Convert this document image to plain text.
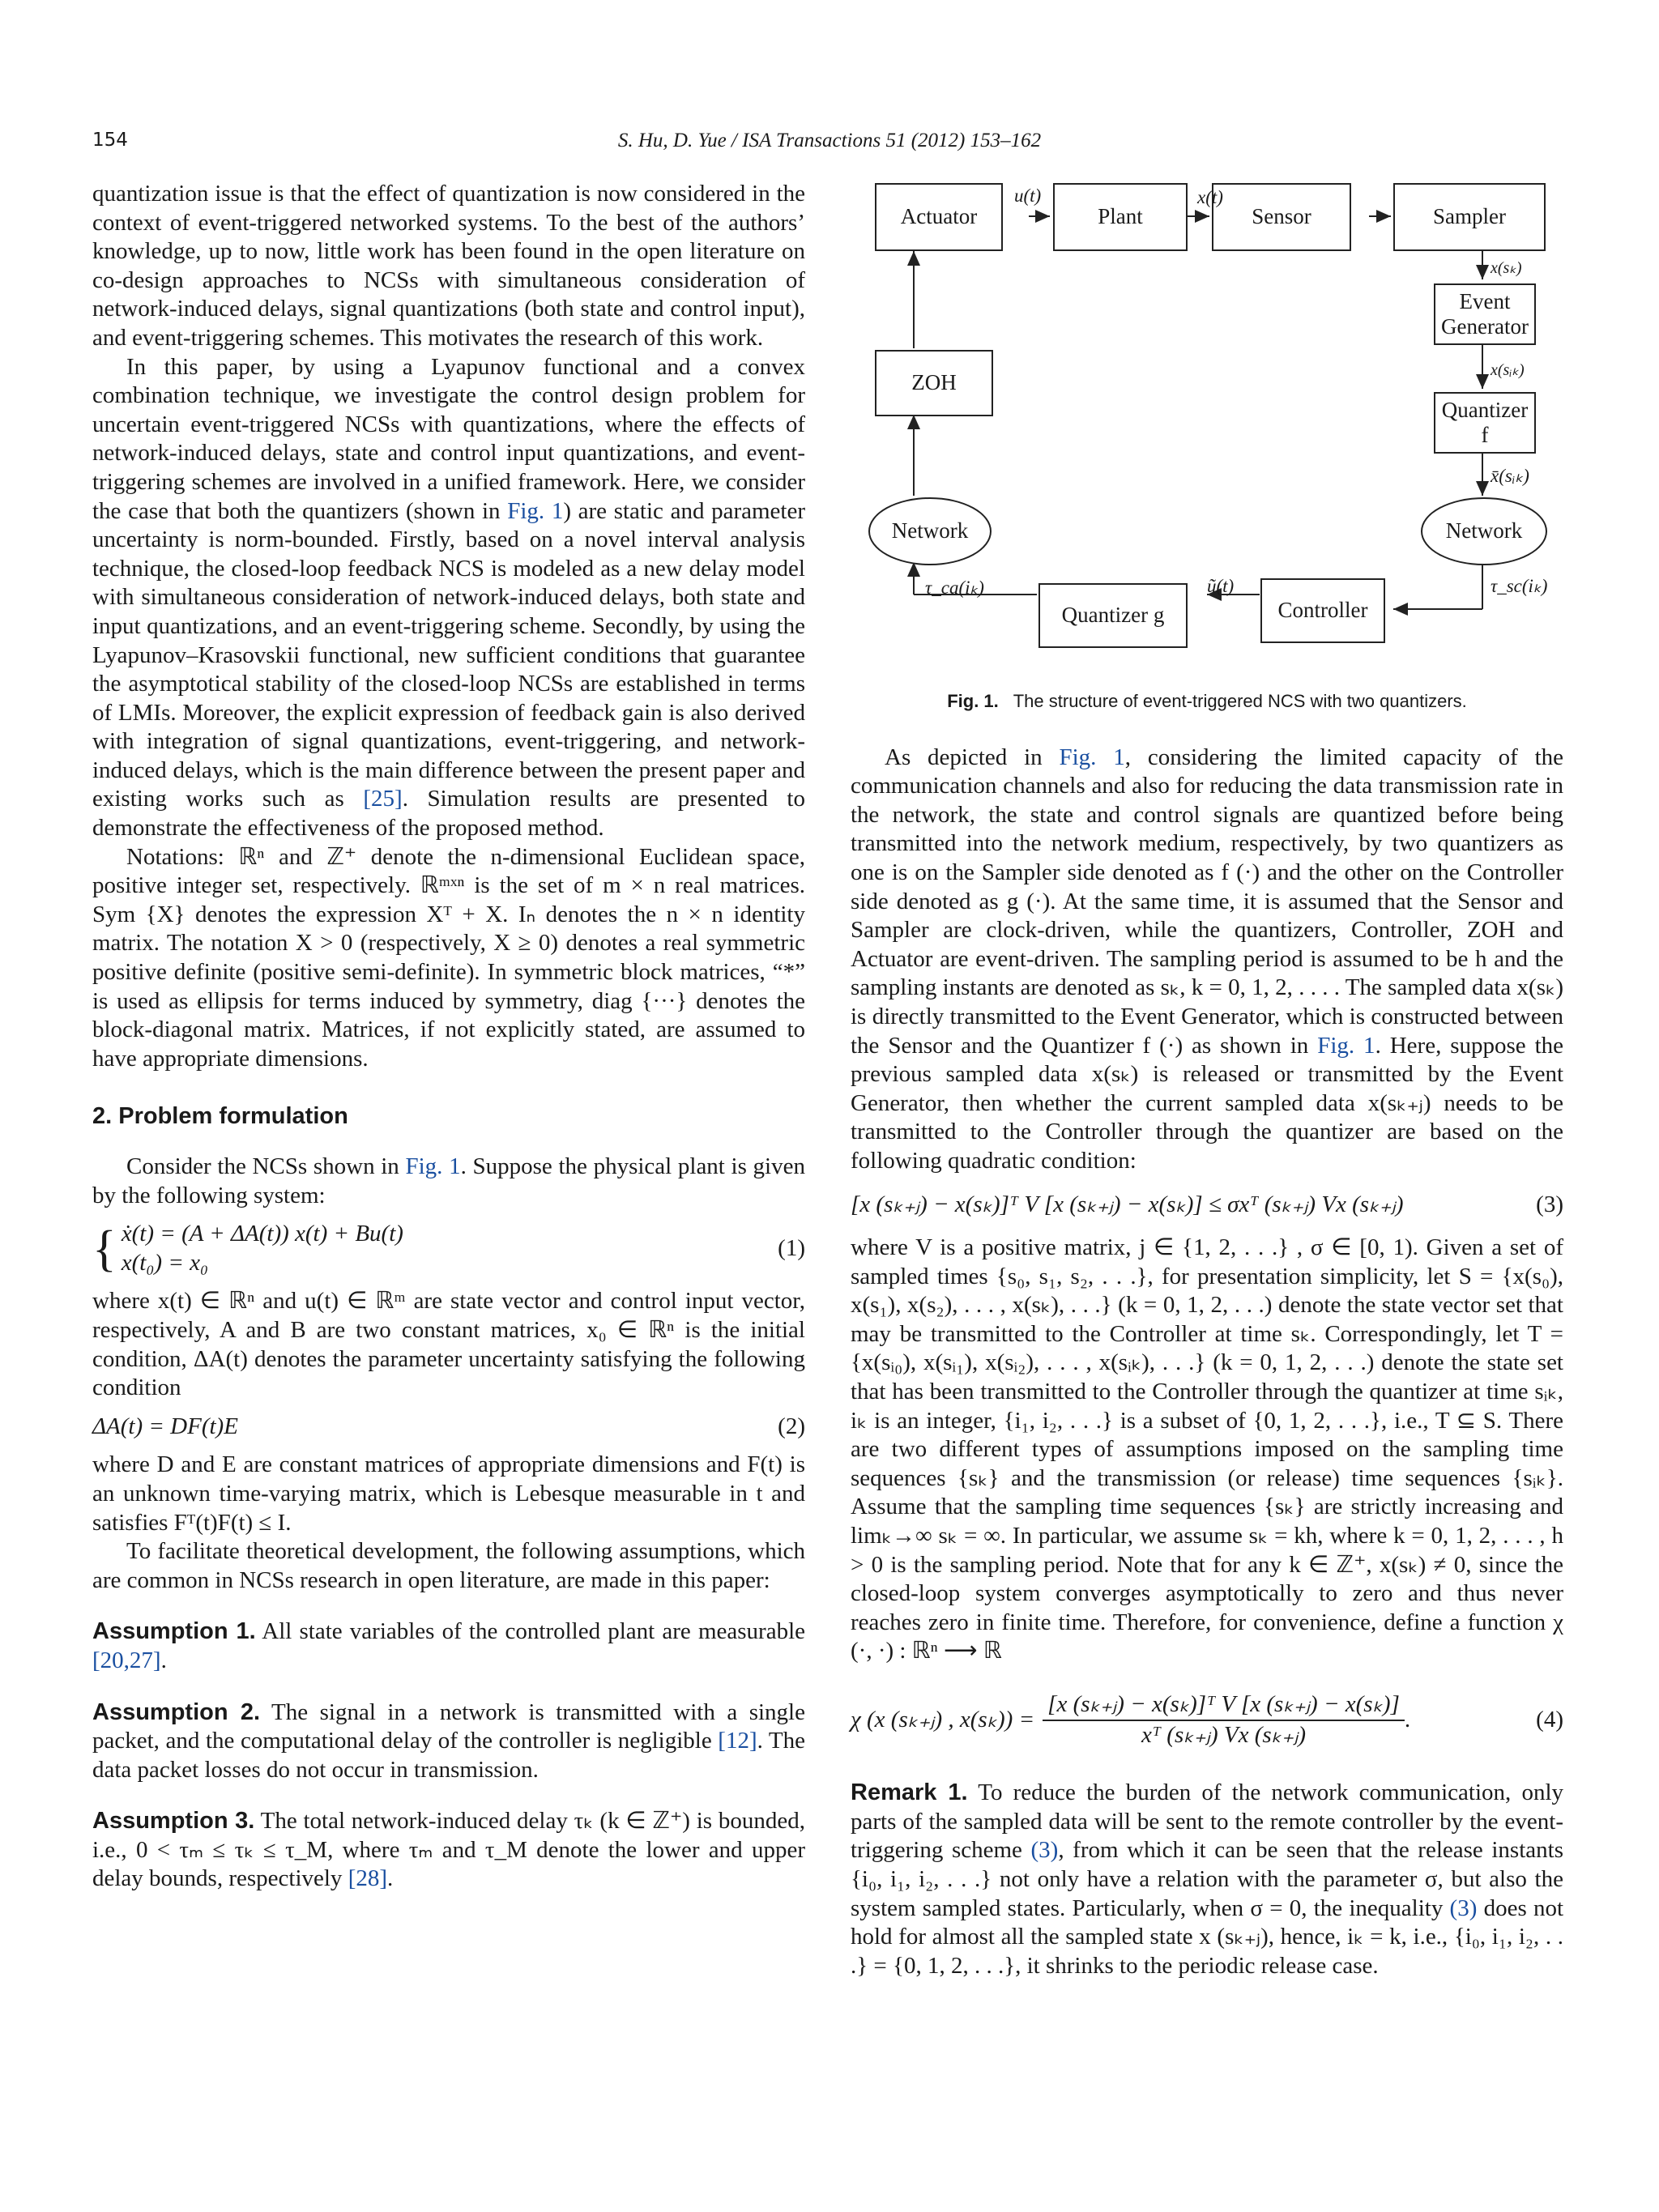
154	S. Hu, D. Yue / ISA Transactions 51 (2012) 153–162

quantization issue is that the effect of quantization is now considered in the context of event-triggered networked systems. To the best of the authors’ knowledge, up to now, little work has been found in the open literature on co-design approaches to NCSs with simultaneous consideration of network-induced delays, signal quantizations (both state and control input), and event-triggering schemes. This motivates the research of this work.

In this paper, by using a Lyapunov functional and a convex combination technique, we investigate the control design problem for uncertain event-triggered NCSs with quantizations, where the effects of network-induced delays, state and control input quantizations, and event-triggering schemes are involved in a unified framework. Here, we consider the case that both the quantizers (shown in Fig. 1) are static and parameter uncertainty is norm-bounded. Firstly, based on a novel interval analysis technique, the closed-loop feedback NCS is modeled as a new delay model with simultaneous consideration of network-induced delays, both state and input quantizations, and an event-triggering scheme. Secondly, by using the Lyapunov–Krasovskii functional, new sufficient conditions that guarantee the asymptotical stability of the closed-loop NCSs are established in terms of LMIs. Moreover, the explicit expression of feedback gain is also derived with integration of signal quantizations, event-triggering, and network-induced delays, which is the main difference between the present paper and existing works such as [25]. Simulation results are presented to demonstrate the effectiveness of the proposed method.

Notations: ℝⁿ and ℤ⁺ denote the n-dimensional Euclidean space, positive integer set, respectively. ℝᵐˣⁿ is the set of m × n real matrices. Sym {X} denotes the expression Xᵀ + X. Iₙ denotes the n × n identity matrix. The notation X > 0 (respectively, X ≥ 0) denotes a real symmetric positive definite (positive semi-definite). In symmetric block matrices, “*” is used as ellipsis for terms induced by symmetry, diag {···} denotes the block-diagonal matrix. Matrices, if not explicitly stated, are assumed to have appropriate dimensions.

2. Problem formulation

Consider the NCSs shown in Fig. 1. Suppose the physical plant is given by the following system:

{ ẋ(t) = (A + ΔA(t)) x(t) + Bu(t)
x(t₀) = x₀
(1)

where x(t) ∈ ℝⁿ and u(t) ∈ ℝᵐ are state vector and control input vector, respectively, A and B are two constant matrices, x₀ ∈ ℝⁿ is the initial condition, ΔA(t) denotes the parameter uncertainty satisfying the following condition

ΔA(t) = DF(t)E	(2)

where D and E are constant matrices of appropriate dimensions and F(t) is an unknown time-varying matrix, which is Lebesque measurable in t and satisfies Fᵀ(t)F(t) ≤ I.

To facilitate theoretical development, the following assumptions, which are common in NCSs research in open literature, are made in this paper:

Assumption 1. All state variables of the controlled plant are measurable [20,27].

Assumption 2. The signal in a network is transmitted with a single packet, and the computational delay of the controller is negligible [12]. The data packet losses do not occur in transmission.

Assumption 3. The total network-induced delay τₖ (k ∈ ℤ⁺) is bounded, i.e., 0 < τₘ ≤ τₖ ≤ τ_M, where τₘ and τ_M denote the lower and upper delay bounds, respectively [28].

Actuator	Plant	Sensor	Sampler
Event Generator
ZOH
Quantizer f
Network	Network
Quantizer g	Controller
u(t)	x(t)
x(sₖ)
x(sᵢₖ)
x̄(sᵢₖ)
τ_ca(iₖ)	τ_sc(iₖ)
ũ(t)
Fig. 1. The structure of event-triggered NCS with two quantizers.

As depicted in Fig. 1, considering the limited capacity of the communication channels and also for reducing the data transmission rate in the network, the state and control signals are quantized before being transmitted into the network medium, respectively, by two quantizers as one is on the Sampler side denoted as f (·) and the other on the Controller side denoted as g (·). At the same time, it is assumed that the Sensor and Sampler are clock-driven, while the quantizers, Controller, ZOH and Actuator are event-driven. The sampling period is assumed to be h and the sampling instants are denoted as sₖ, k = 0, 1, 2, . . . . The sampled data x(sₖ) is directly transmitted to the Event Generator, which is constructed between the Sensor and the Quantizer f (·) as shown in Fig. 1. Here, suppose the previous sampled data x(sₖ) is released or transmitted by the Event Generator, then whether the current sampled data x(sₖ₊ⱼ) needs to be transmitted to the Controller through the quantizer are based on the following quadratic condition:

[x (sₖ₊ⱼ) − x(sₖ)]ᵀ V [x (sₖ₊ⱼ) − x(sₖ)] ≤ σxᵀ (sₖ₊ⱼ) Vx (sₖ₊ⱼ)	(3)

where V is a positive matrix, j ∈ {1, 2, . . .} , σ ∈ [0, 1). Given a set of sampled times {s₀, s₁, s₂, . . .}, for presentation simplicity, let S = {x(s₀), x(s₁), x(s₂), . . . , x(sₖ), . . .} (k = 0, 1, 2, . . .) denote the state vector set that may be transmitted to the Controller at time sₖ. Correspondingly, let T = {x(sᵢ₀), x(sᵢ₁), x(sᵢ₂), . . . , x(sᵢₖ), . . .} (k = 0, 1, 2, . . .) denote the state set that has been transmitted to the Controller through the quantizer at time sᵢₖ, iₖ is an integer, {i₁, i₂, . . .} is a subset of {0, 1, 2, . . .}, i.e., T ⊆ S. There are two different types of assumptions imposed on the sampling time sequences {sₖ} and the transmission (or release) time sequences {sᵢₖ}. Assume that the sampling time sequences {sₖ} are strictly increasing and limₖ→∞ sₖ = ∞. In particular, we assume sₖ = kh, where k = 0, 1, 2, . . . , h > 0 is the sampling period. Note that for any k ∈ ℤ⁺, x(sₖ) ≠ 0, since the closed-loop system converges asymptotically to zero and thus never reaches zero in finite time. Therefore, for convenience, define a function χ (·, ·) : ℝⁿ ⟶ ℝ

χ (x (sₖ₊ⱼ) , $x(s_k)) = \frac{\text{[x (sₖ₊ⱼ) − x(sₖ)]ᵀ V [x (sₖ₊ⱼ) − x(sₖ)]}}{\text{xᵀ (sₖ₊ⱼ) Vx (sₖ₊ⱼ)}}$ .	(4)

Remark 1. To reduce the burden of the network communication, only parts of the sampled data will be sent to the remote controller by the event-triggering scheme (3), from which it can be seen that the release instants {i₀, i₁, i₂, . . .} not only have a relation with the parameter σ, but also the system sampled states. Particularly, when σ = 0, the inequality (3) does not hold for almost all the sampled state x (sₖ₊ⱼ), hence, iₖ = k, i.e., {i₀, i₁, i₂, . . .} = {0, 1, 2, . . .}, it shrinks to the periodic release case.
